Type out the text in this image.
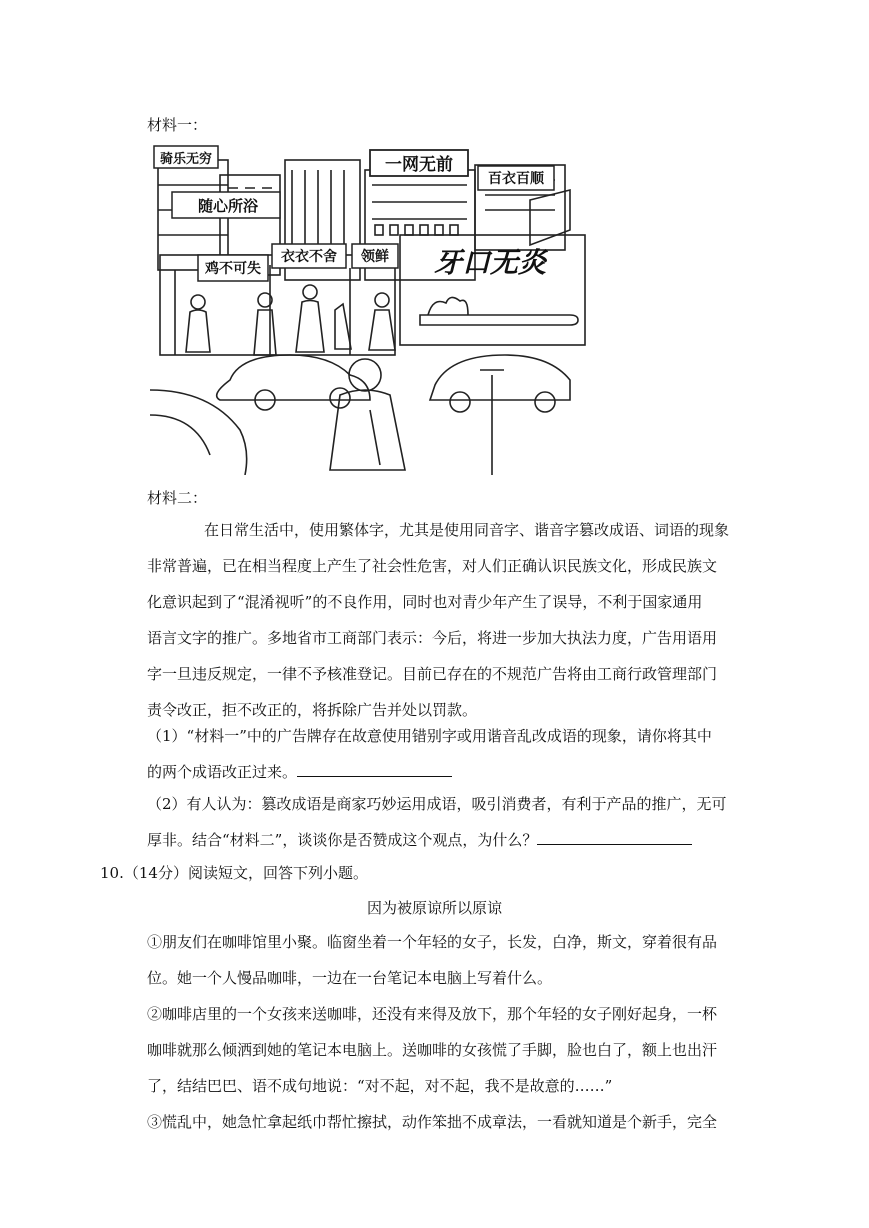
材料一：
骑乐无穷
随心所浴
一网无前
百衣百顺
衣衣不舍 领鲜
鸡不可失	牙口无炎
材料二：
在日常生活中，使用繁体字，尤其是使用同音字、谐音字篡改成语、词语的现象
非常普遍，已在相当程度上产生了社会性危害，对人们正确认识民族文化，形成民族文
化意识起到了“混淆视听”的不良作用，同时也对青少年产生了误导，不利于国家通用
语言文字的推广。多地省市工商部门表示：今后，将进一步加大执法力度，广告用语用
字一旦违反规定，一律不予核准登记。目前已存在的不规范广告将由工商行政管理部门
责令改正，拒不改正的，将拆除广告并处以罚款。
（1）“材料一”中的广告牌存在故意使用错别字或用谐音乱改成语的现象，请你将其中
的两个成语改正过来。
（2）有人认为：篡改成语是商家巧妙运用成语，吸引消费者，有利于产品的推广，无可
厚非。结合“材料二”，谈谈你是否赞成这个观点，为什么？
10.（14分）阅读短文，回答下列小题。
因为被原谅所以原谅
①朋友们在咖啡馆里小聚。临窗坐着一个年轻的女子，长发，白净，斯文，穿着很有品
位。她一个人慢品咖啡，一边在一台笔记本电脑上写着什么。
②咖啡店里的一个女孩来送咖啡，还没有来得及放下，那个年轻的女子刚好起身，一杯
咖啡就那么倾洒到她的笔记本电脑上。送咖啡的女孩慌了手脚，脸也白了，额上也出汗
了，结结巴巴、语不成句地说：“对不起，对不起，我不是故意的……”
③慌乱中，她急忙拿起纸巾帮忙擦拭，动作笨拙不成章法，一看就知道是个新手，完全
